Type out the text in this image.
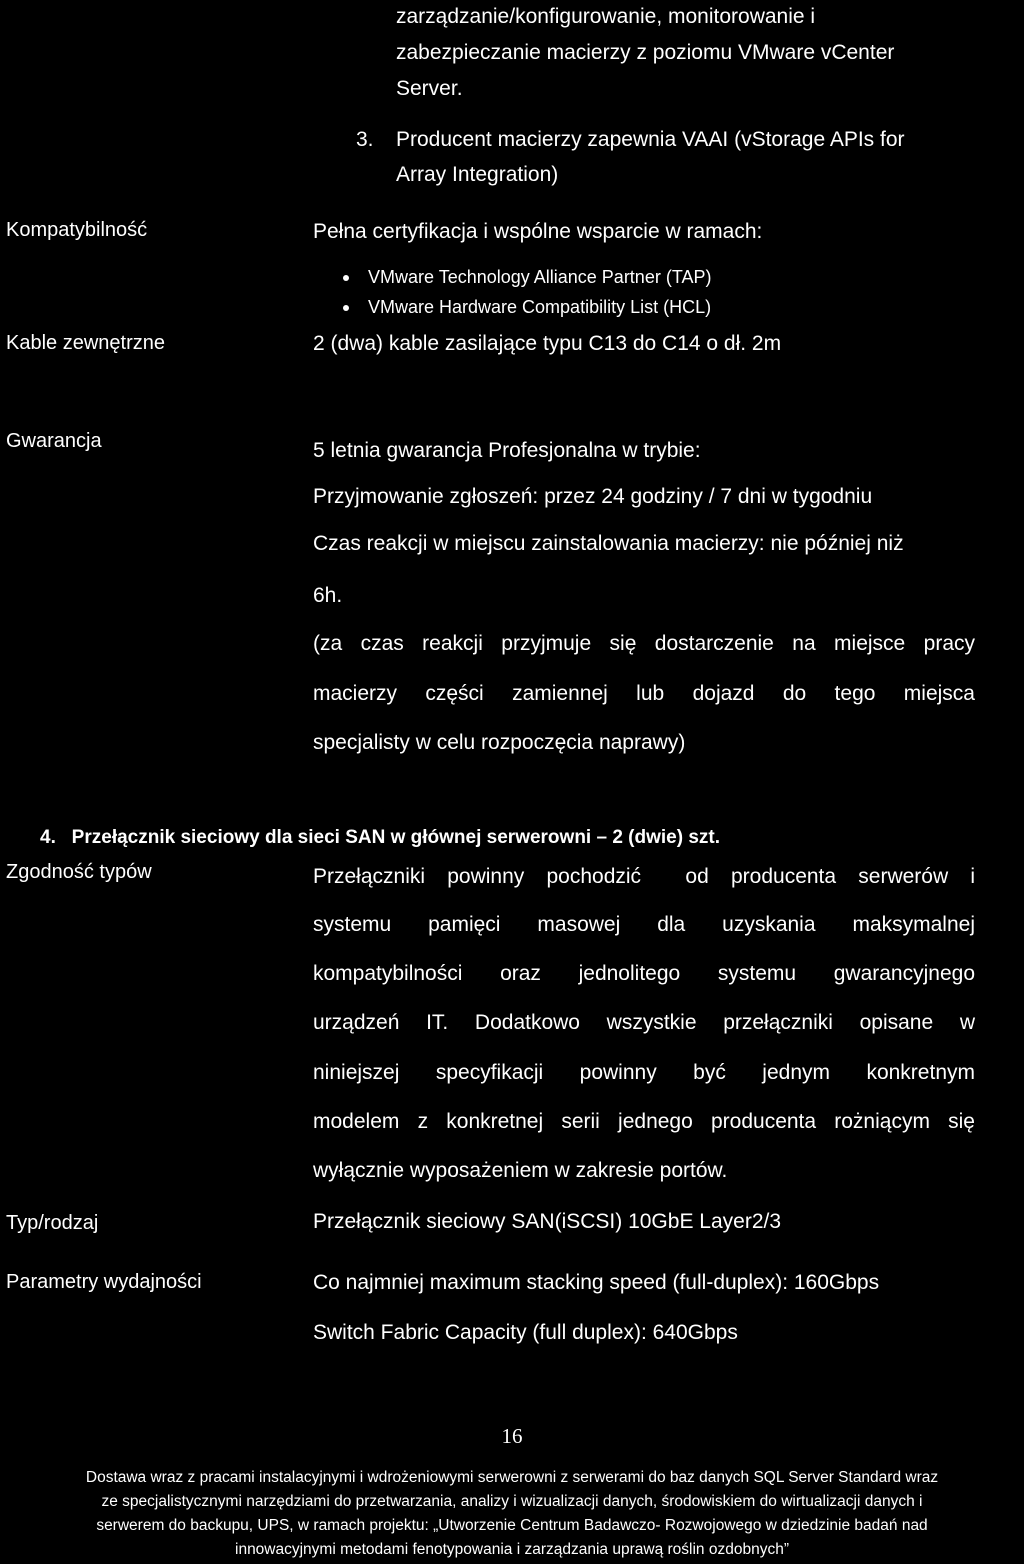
zarządzanie/konfigurowanie, monitorowanie i
zabezpieczanie macierzy z poziomu VMware vCenter
Server.
3. Producent macierzy zapewnia VAAI (vStorage APIs for
Array Integration)
Kompatybilność	Pełna certyfikacja i wspólne wsparcie w ramach:
VMware Technology Alliance Partner (TAP)
VMware Hardware Compatibility List (HCL)
Kable zewnętrzne	2 (dwa) kable zasilające typu C13 do C14 o dł. 2m
Gwarancja	5 letnia gwarancja Profesjonalna w trybie:
Przyjmowanie zgłoszeń: przez 24 godziny / 7 dni w tygodniu
Czas reakcji w miejscu zainstalowania macierzy: nie później niż
6h.
(za czas reakcji przyjmuje się dostarczenie na miejsce pracy
macierzy części zamiennej lub dojazd do tego miejsca
specjalisty w celu rozpoczęcia naprawy)
4.   Przełącznik sieciowy dla sieci SAN w głównej serwerowni – 2 (dwie) szt.
Zgodność typów	Przełączniki powinny pochodzić  od producenta serwerów i
systemu pamięci masowej dla uzyskania maksymalnej
kompatybilności oraz jednolitego systemu gwarancyjnego
urządzeń IT. Dodatkowo wszystkie przełączniki opisane w
niniejszej specyfikacji powinny być jednym konkretnym
modelem z konkretnej serii jednego producenta rożniącym się
wyłącznie wyposażeniem w zakresie portów.
Typ/rodzaj	Przełącznik sieciowy SAN(iSCSI) 10GbE Layer2/3
Parametry wydajności	Co najmniej maximum stacking speed (full-duplex): 160Gbps
Switch Fabric Capacity (full duplex): 640Gbps
16
Dostawa wraz z pracami instalacyjnymi i wdrożeniowymi serwerowni z serwerami do baz danych SQL Server Standard wraz
ze specjalistycznymi narzędziami do przetwarzania, analizy i wizualizacji danych, środowiskiem do wirtualizacji danych i
serwerem do backupu, UPS, w ramach projektu: „Utworzenie Centrum Badawczo- Rozwojowego w dziedzinie badań nad
innowacyjnymi metodami fenotypowania i zarządzania uprawą roślin ozdobnych”
